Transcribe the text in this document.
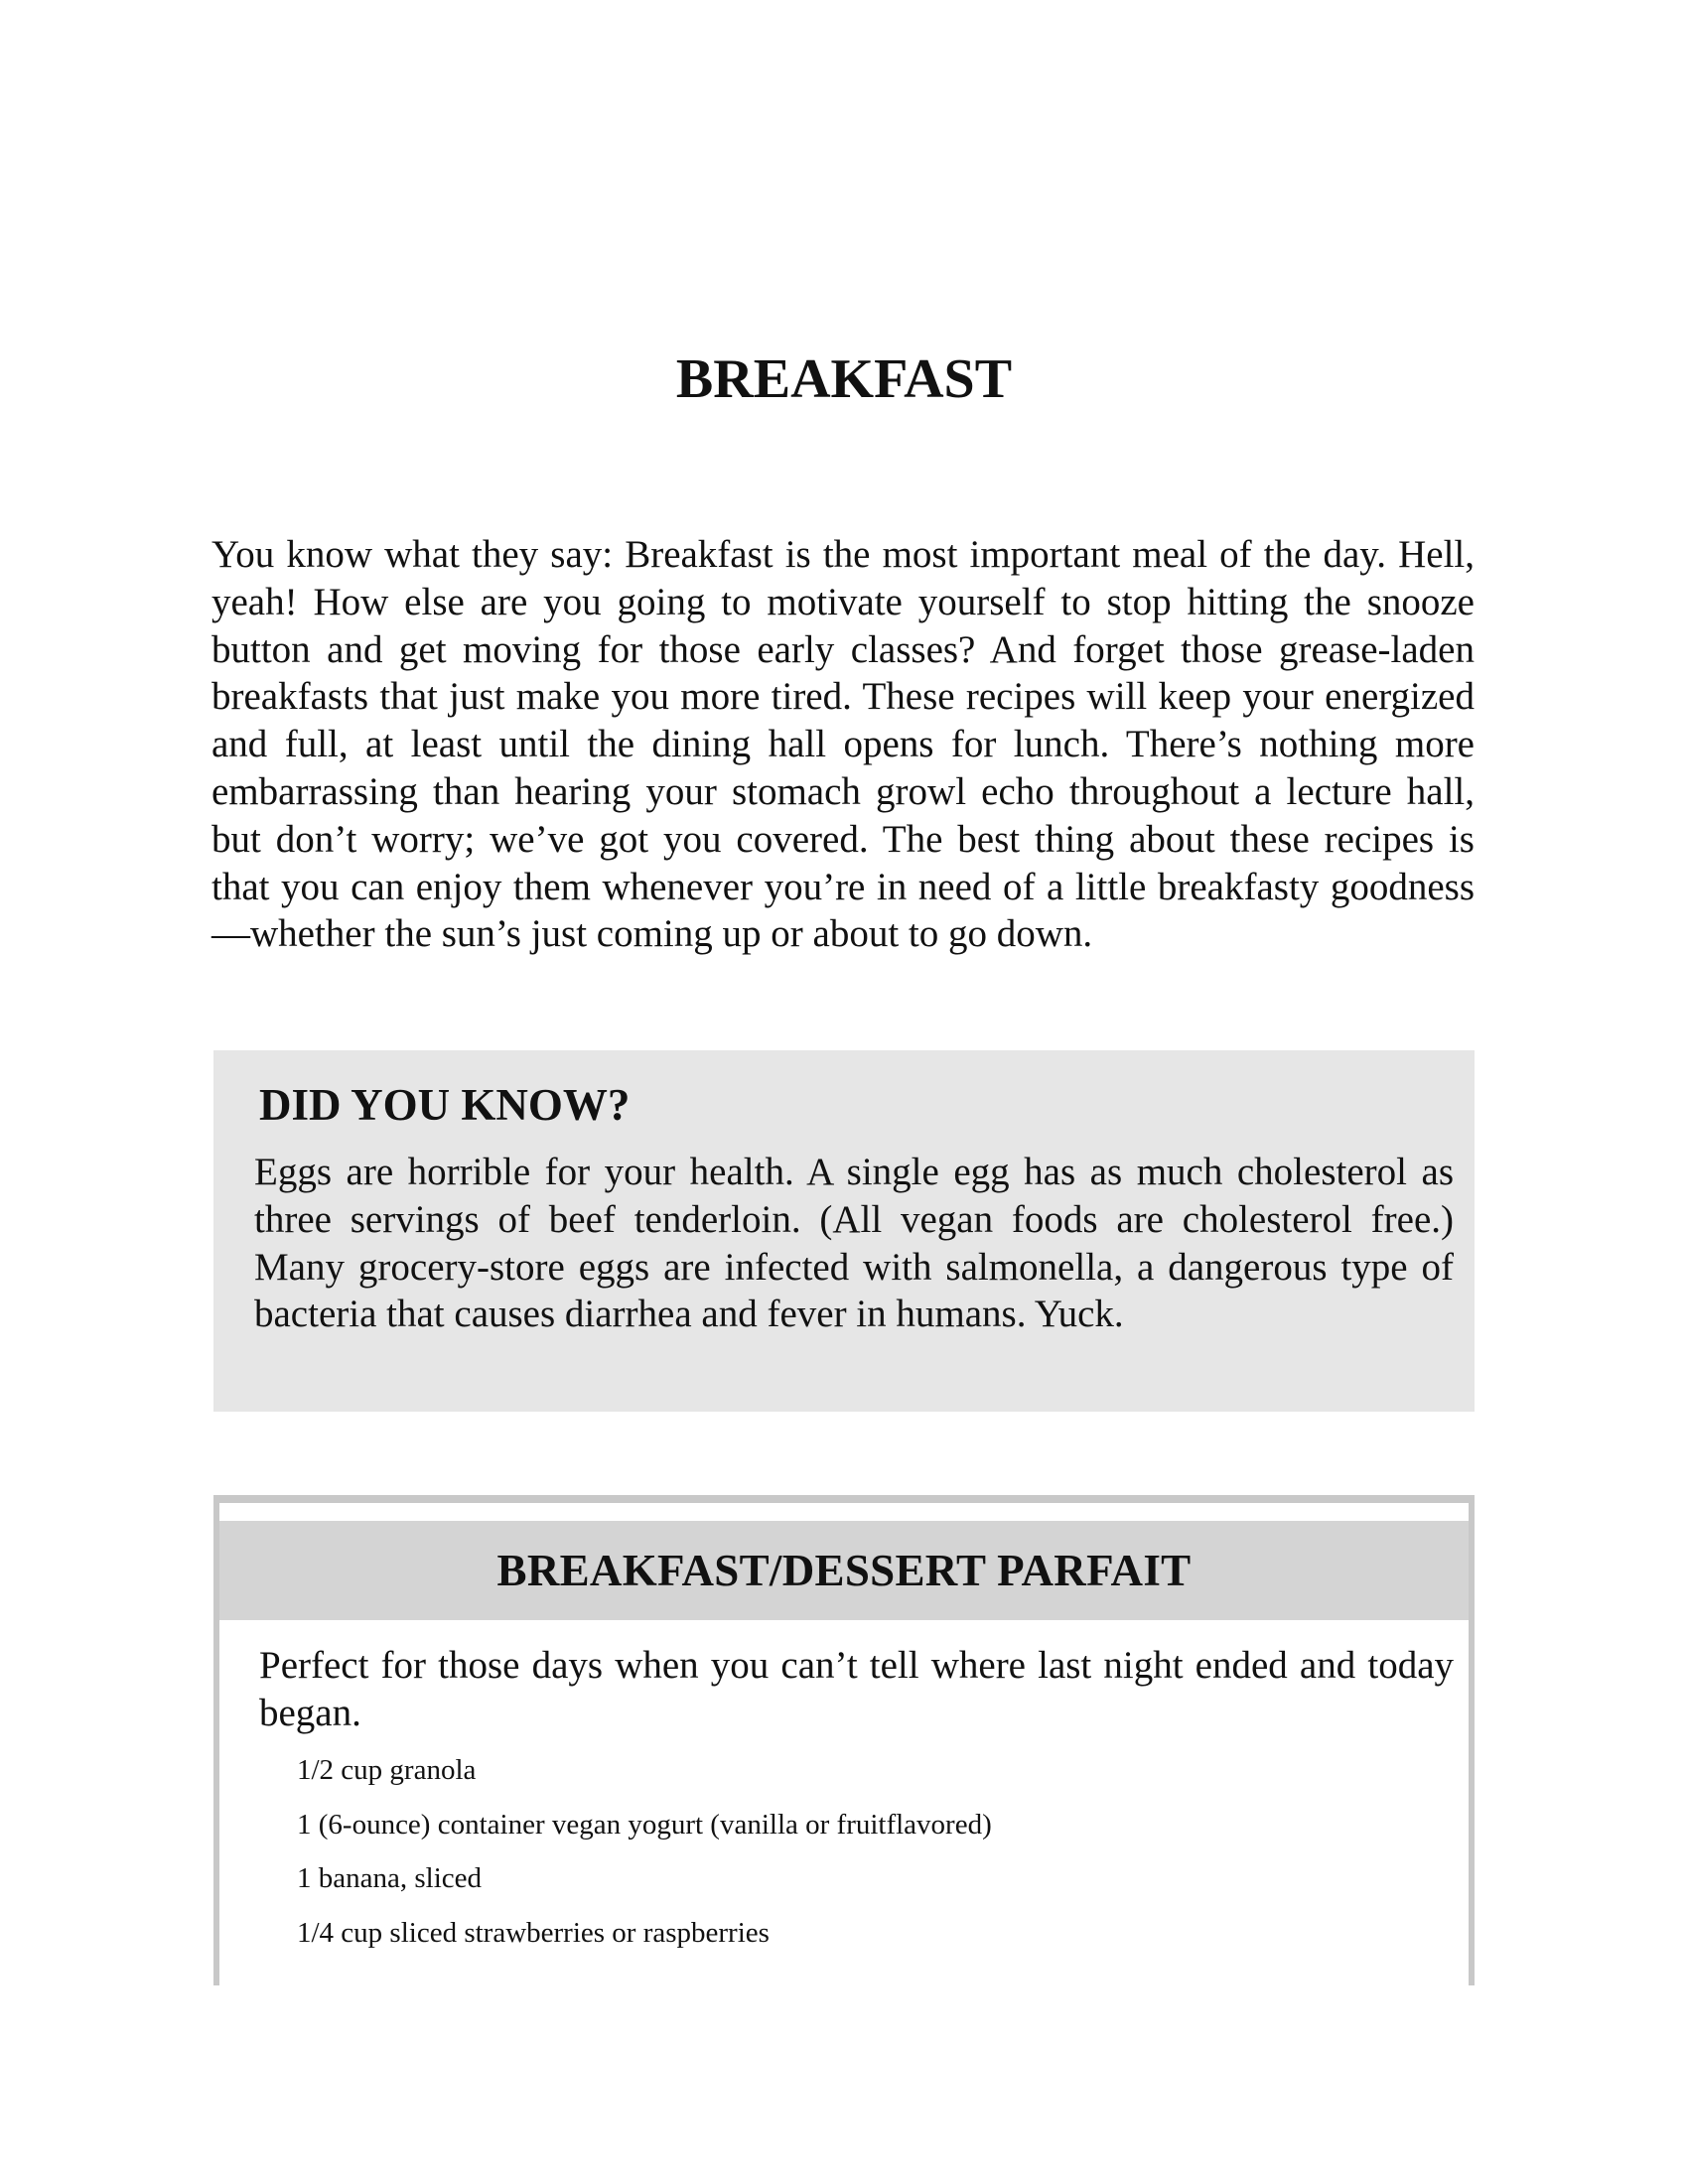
BREAKFAST

You know what they say: Breakfast is the most important meal of the day. Hell, yeah! How else are you going to motivate yourself to stop hitting the snooze button and get moving for those early classes? And forget those grease-laden breakfasts that just make you more tired. These recipes will keep your energized and full, at least until the dining hall opens for lunch. There’s nothing more embarrassing than hearing your stomach growl echo throughout a lecture hall, but don’t worry; we’ve got you covered. The best thing about these recipes is that you can enjoy them whenever you’re in need of a little breakfasty goodness—whether the sun’s just coming up or about to go down.

DID YOU KNOW?

Eggs are horrible for your health. A single egg has as much cholesterol as three servings of beef tenderloin. (All vegan foods are cholesterol free.) Many grocery-store eggs are infected with salmonella, a dangerous type of bacteria that causes diarrhea and fever in humans. Yuck.

BREAKFAST/DESSERT PARFAIT

Perfect for those days when you can’t tell where last night ended and today began.

1/2 cup granola
1 (6-ounce) container vegan yogurt (vanilla or fruitflavored)
1 banana, sliced
1/4 cup sliced strawberries or raspberries
